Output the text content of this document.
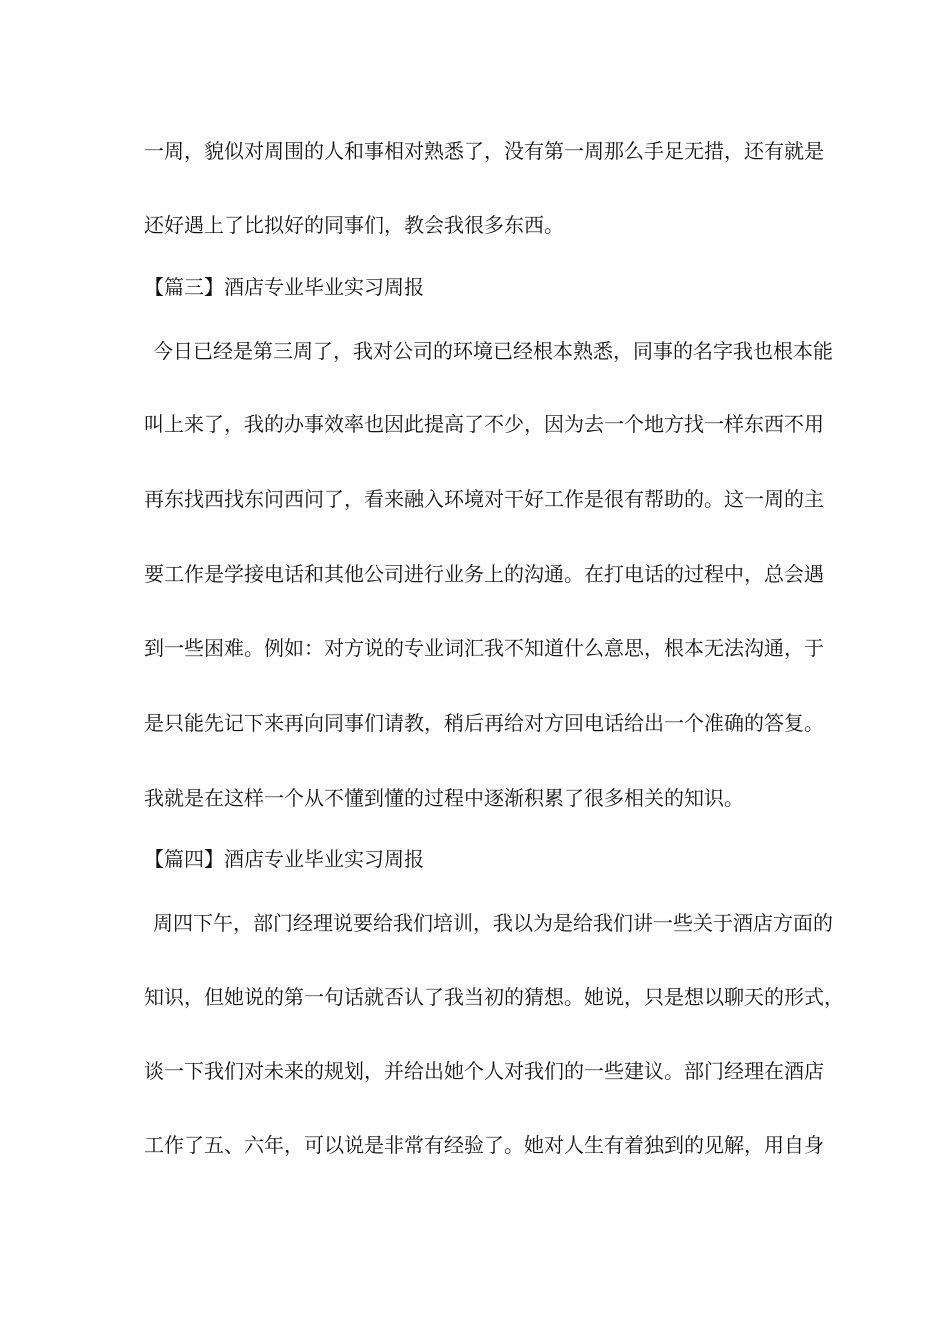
一周，貌似对周围的人和事相对熟悉了，没有第一周那么手足无措，还有就是
还好遇上了比拟好的同事们，教会我很多东西。
【篇三】酒店专业毕业实习周报
今日已经是第三周了，我对公司的环境已经根本熟悉，同事的名字我也根本能
叫上来了，我的办事效率也因此提高了不少，因为去一个地方找一样东西不用
再东找西找东问西问了，看来融入环境对干好工作是很有帮助的。这一周的主
要工作是学接电话和其他公司进行业务上的沟通。在打电话的过程中，总会遇
到一些困难。例如：对方说的专业词汇我不知道什么意思，根本无法沟通，于
是只能先记下来再向同事们请教，稍后再给对方回电话给出一个准确的答复。
我就是在这样一个从不懂到懂的过程中逐渐积累了很多相关的知识。
【篇四】酒店专业毕业实习周报
周四下午，部门经理说要给我们培训，我以为是给我们讲一些关于酒店方面的
知识，但她说的第一句话就否认了我当初的猜想。她说，只是想以聊天的形式，
谈一下我们对未来的规划，并给出她个人对我们的一些建议。部门经理在酒店
工作了五、六年，可以说是非常有经验了。她对人生有着独到的见解，用自身
